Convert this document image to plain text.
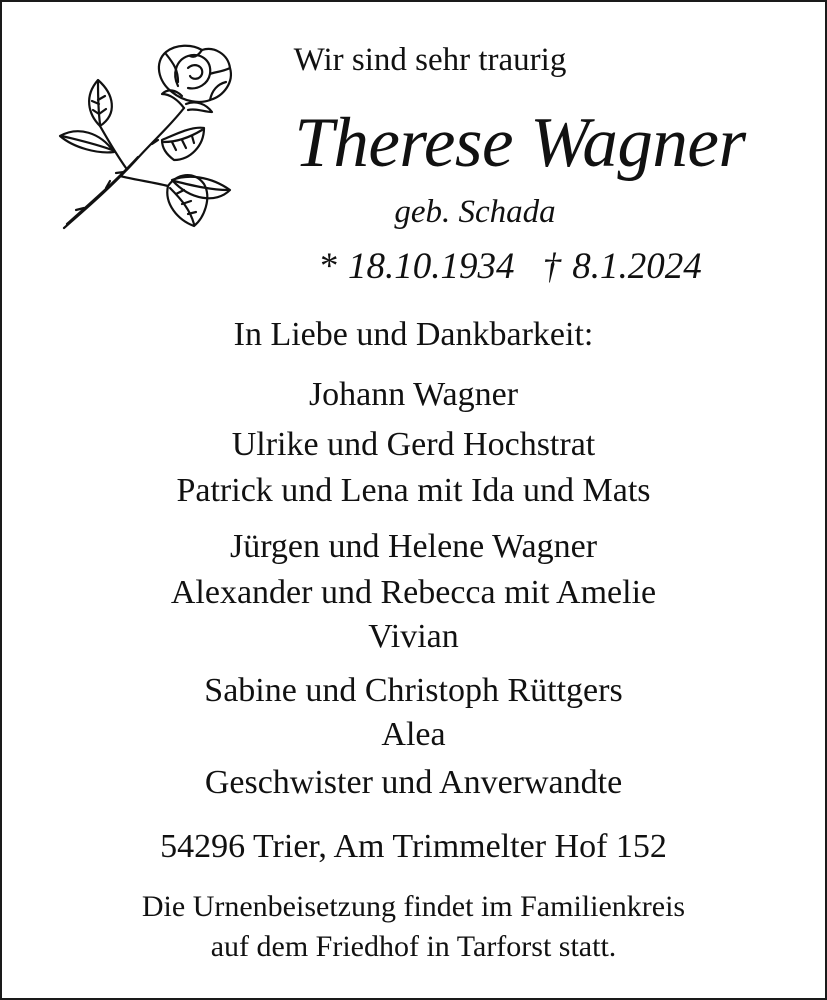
Wir sind sehr traurig
Therese Wagner
geb. Schada
* 18.10.1934 † 8.1.2024
In Liebe und Dankbarkeit:
Johann Wagner
Ulrike und Gerd Hochstrat
Patrick und Lena mit Ida und Mats
Jürgen und Helene Wagner
Alexander und Rebecca mit Amelie
Vivian
Sabine und Christoph Rüttgers
Alea
Geschwister und Anverwandte
54296 Trier, Am Trimmelter Hof 152
Die Urnenbeisetzung findet im Familienkreis
auf dem Friedhof in Tarforst statt.
